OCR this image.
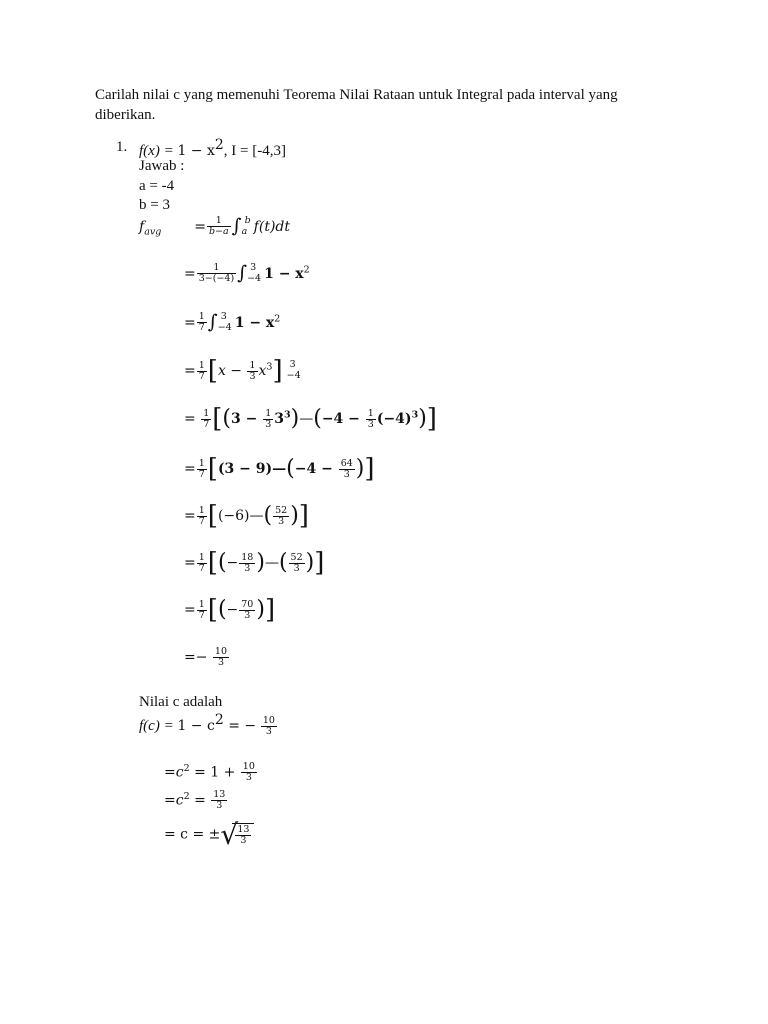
Carilah nilai c yang memenuhi Teorema Nilai Rataan untuk Integral pada interval yang
diberikan.
1. $f(x) = 1 - x^2$, I = [-4,3]
Jawab :
a = -4
b = 3
$f_{avg} = \frac{1}{b-a}$ ∫ b
a f(t)dt
= $\frac{1}{3-(-4)}$ ∫ 3
−4 $1 - x^2$
= $\frac{1}{7}$ ∫ 3
−4 $1 - x^2$
= $\frac{1}{7} [x - \frac{1}{3} x^3]$ 3
−4
= $\frac{1}{7} [(3 - \frac{1}{3}$ $3^3)—(-4 - \frac{1}{3} (-4)^3)$]
= $\frac{1}{7} [(3$ − 9)—(−4 − $\frac{64}{3}$ )]
= $\frac{1}{7}$ [(−6)—( $\frac{52}{3}$ )]
= $\frac{1}{7}$ [(− $\frac{18}{3}$ )—( $\frac{52}{3}$ )]
= $\frac{1}{7}$ [(− $\frac{70}{3}$ )]
=− $\frac{10}{3}$
Nilai c adalah
$f(c) = 1 - c^2$ = − $\frac{10}{3}$
$=c^2 = 1 + \frac{10}{3}$
$=c^2 = \frac{13}{3}$
= c = ± √
$\frac{13}{3}$
